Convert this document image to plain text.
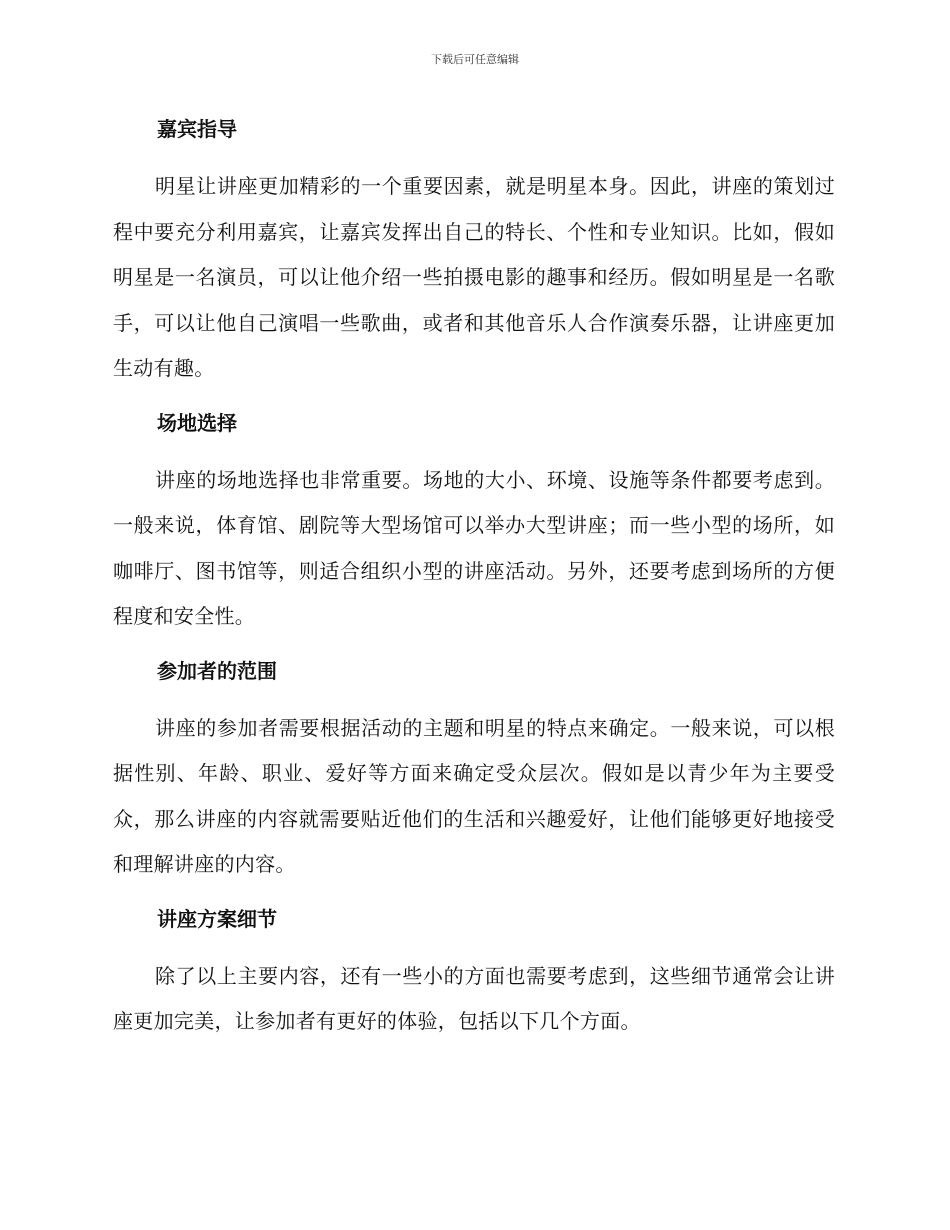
下载后可任意编辑
嘉宾指导

明星让讲座更加精彩的一个重要因素，就是明星本身。因此，讲座的策划过程中要充分利用嘉宾，让嘉宾发挥出自己的特长、个性和专业知识。比如，假如明星是一名演员，可以让他介绍一些拍摄电影的趣事和经历。假如明星是一名歌手，可以让他自己演唱一些歌曲，或者和其他音乐人合作演奏乐器，让讲座更加生动有趣。

场地选择

讲座的场地选择也非常重要。场地的大小、环境、设施等条件都要考虑到。一般来说，体育馆、剧院等大型场馆可以举办大型讲座；而一些小型的场所，如咖啡厅、图书馆等，则适合组织小型的讲座活动。另外，还要考虑到场所的方便程度和安全性。

参加者的范围

讲座的参加者需要根据活动的主题和明星的特点来确定。一般来说，可以根据性别、年龄、职业、爱好等方面来确定受众层次。假如是以青少年为主要受众，那么讲座的内容就需要贴近他们的生活和兴趣爱好，让他们能够更好地接受和理解讲座的内容。

讲座方案细节

除了以上主要内容，还有一些小的方面也需要考虑到，这些细节通常会让讲座更加完美，让参加者有更好的体验，包括以下几个方面。
